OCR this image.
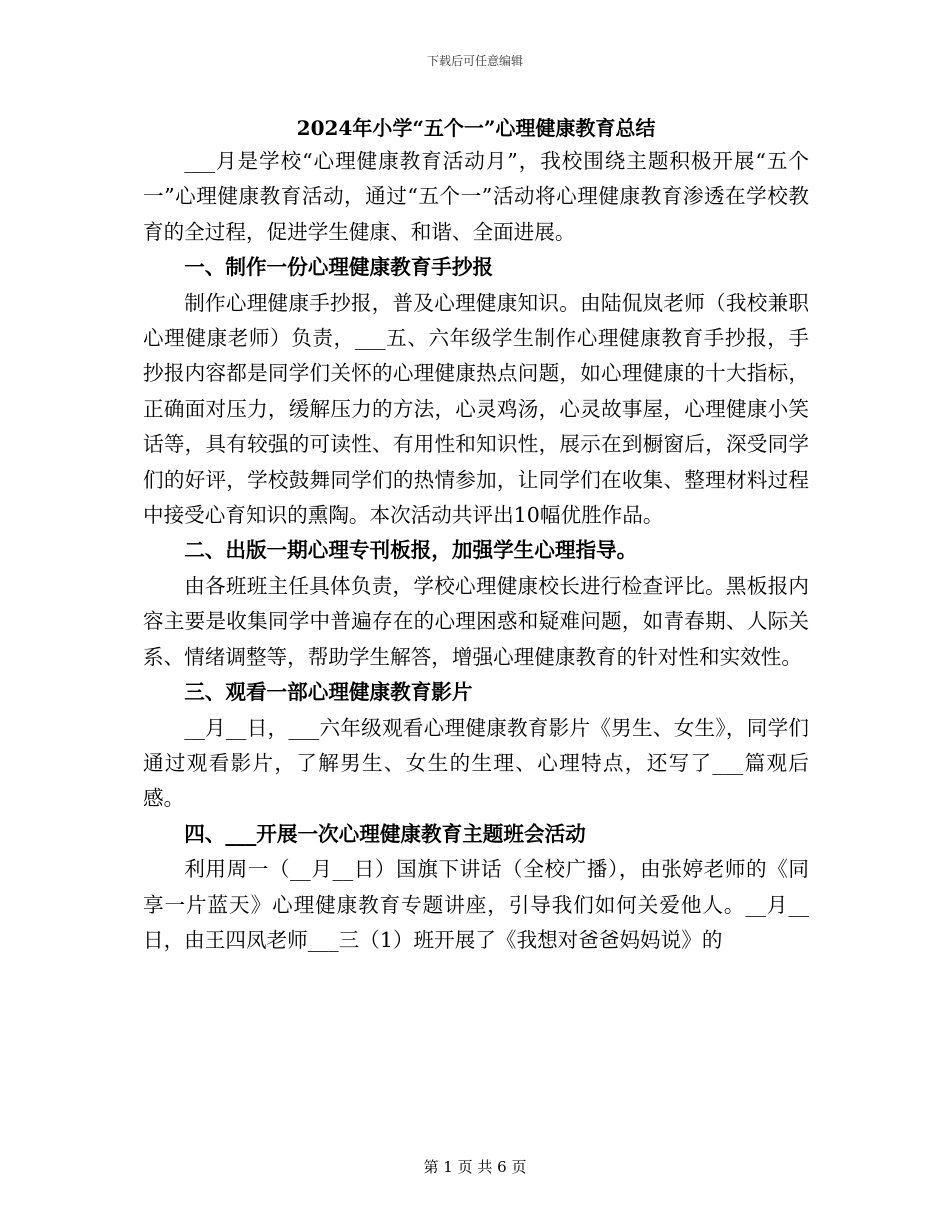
下载后可任意编辑
2024年小学“五个一”心理健康教育总结

___月是学校“心理健康教育活动月”，我校围绕主题积极开展“五个一”心理健康教育活动，通过“五个一”活动将心理健康教育渗透在学校教育的全过程，促进学生健康、和谐、全面进展。

一、制作一份心理健康教育手抄报

制作心理健康手抄报，普及心理健康知识。由陆侃岚老师（我校兼职心理健康老师）负责，___五、六年级学生制作心理健康教育手抄报，手抄报内容都是同学们关怀的心理健康热点问题，如心理健康的十大指标，正确面对压力，缓解压力的方法，心灵鸡汤，心灵故事屋，心理健康小笑话等，具有较强的可读性、有用性和知识性，展示在到橱窗后，深受同学们的好评，学校鼓舞同学们的热情参加，让同学们在收集、整理材料过程中接受心育知识的熏陶。本次活动共评出10幅优胜作品。

二、出版一期心理专刊板报，加强学生心理指导。

由各班班主任具体负责，学校心理健康校长进行检查评比。黑板报内容主要是收集同学中普遍存在的心理困惑和疑难问题，如青春期、人际关系、情绪调整等，帮助学生解答，增强心理健康教育的针对性和实效性。

三、观看一部心理健康教育影片

__月__日，___六年级观看心理健康教育影片《男生、女生》，同学们通过观看影片，了解男生、女生的生理、心理特点，还写了___篇观后感。

四、___开展一次心理健康教育主题班会活动

利用周一（__月__日）国旗下讲话（全校广播），由张婷老师的《同享一片蓝天》心理健康教育专题讲座，引导我们如何关爱他人。__月__日，由王四凤老师___三（1）班开展了《我想对爸爸妈妈说》的

第 1 页 共 6 页
